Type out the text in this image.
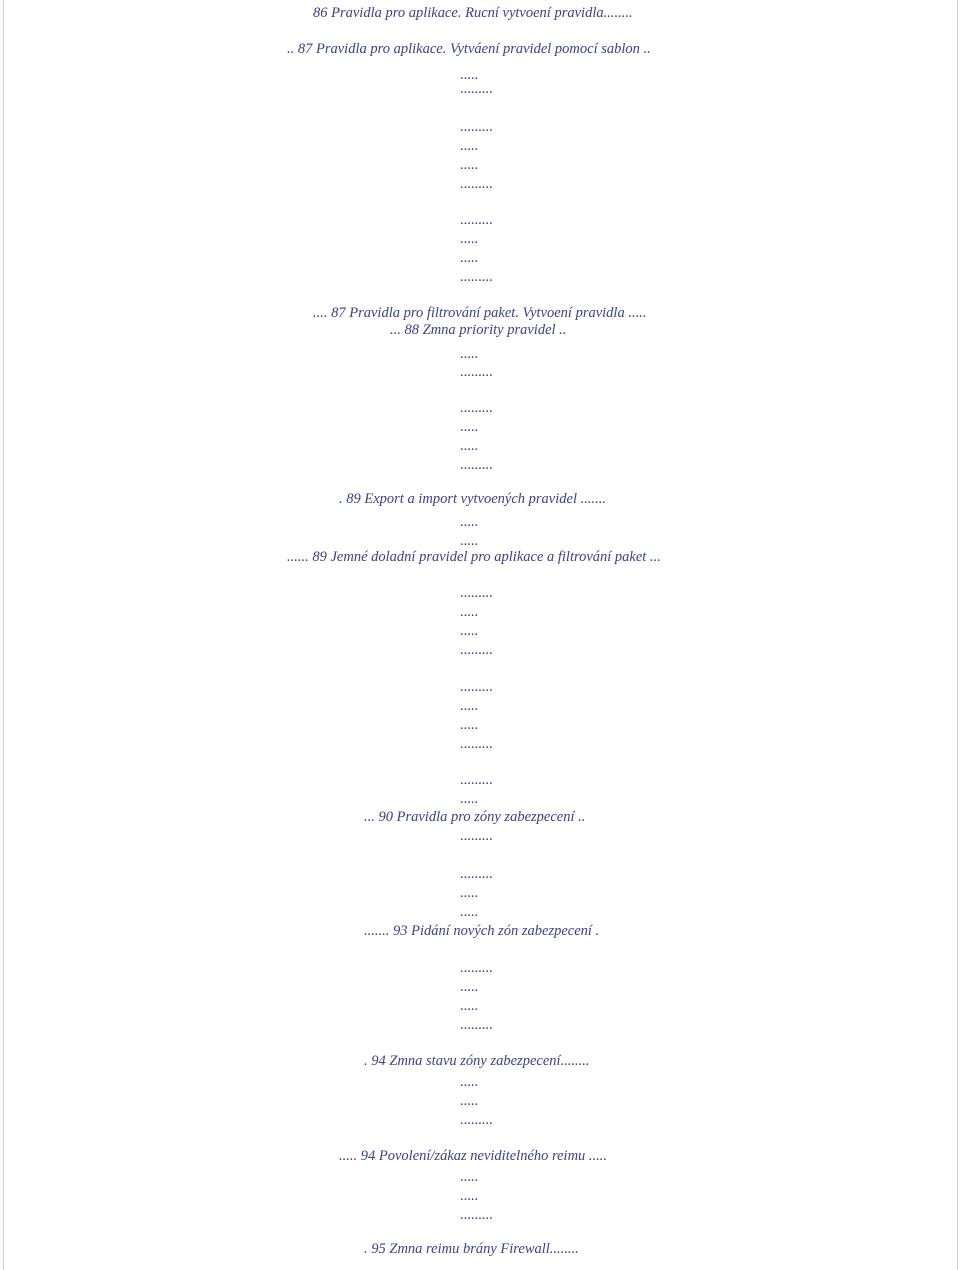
86 Pravidla pro aplikace. Rucní vytvoení pravidla........
.. 87 Pravidla pro aplikace. Vytváení pravidel pomocí sablon ..
.....
.........
.........
.....
.....
.........
.........
.....
.....
.........
.... 87 Pravidla pro filtrování paket. Vytvoení pravidla .....
... 88 Zmna priority pravidel ..
.....
.........
.........
.....
.....
.........
. 89 Export a import vytvoených pravidel .......
.....
.....
...... 89 Jemné doladní pravidel pro aplikace a filtrování paket ...
.........
.....
.....
.........
.........
.....
.....
.........
.........
.....
... 90 Pravidla pro zóny zabezpecení ..
.........
.........
.....
.....
....... 93 Pidání nových zón zabezpecení .
.........
.....
.....
.........
. 94 Zmna stavu zóny zabezpecení........
.....
.....
.........
..... 94 Povolení/zákaz neviditelného reimu .....
.....
.....
.........
. 95 Zmna reimu brány Firewall........
